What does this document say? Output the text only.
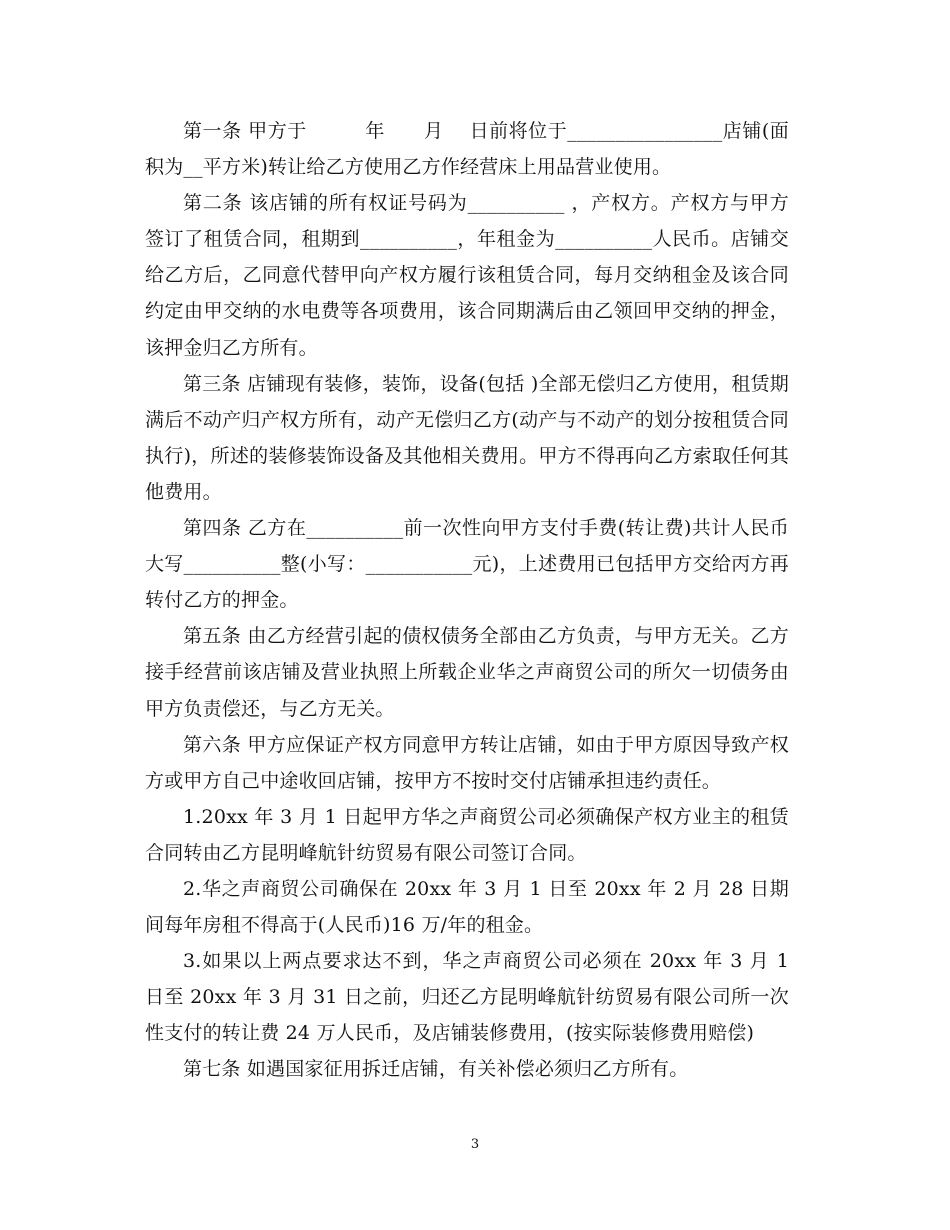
第一条 甲方于　　　年　　月　 日前将位于________________店铺(面积为__平方米)转让给乙方使用乙方作经营床上用品营业使用。

第二条 该店铺的所有权证号码为__________ ，产权方。产权方与甲方签订了租赁合同，租期到__________，年租金为__________人民币。店铺交给乙方后，乙同意代替甲向产权方履行该租赁合同，每月交纳租金及该合同约定由甲交纳的水电费等各项费用，该合同期满后由乙领回甲交纳的押金，该押金归乙方所有。

第三条 店铺现有装修，装饰，设备(包括 )全部无偿归乙方使用，租赁期满后不动产归产权方所有，动产无偿归乙方(动产与不动产的划分按租赁合同执行)，所述的装修装饰设备及其他相关费用。甲方不得再向乙方索取任何其他费用。

第四条 乙方在__________前一次性向甲方支付手费(转让费)共计人民币大写__________整(小写：___________元)，上述费用已包括甲方交给丙方再转付乙方的押金。

第五条 由乙方经营引起的债权债务全部由乙方负责，与甲方无关。乙方接手经营前该店铺及营业执照上所载企业华之声商贸公司的所欠一切债务由甲方负责偿还，与乙方无关。

第六条 甲方应保证产权方同意甲方转让店铺，如由于甲方原因导致产权方或甲方自己中途收回店铺，按甲方不按时交付店铺承担违约责任。

1.20xx 年 3 月 1 日起甲方华之声商贸公司必须确保产权方业主的租赁合同转由乙方昆明峰航针纺贸易有限公司签订合同。

2.华之声商贸公司确保在 20xx 年 3 月 1 日至 20xx 年 2 月 28 日期间每年房租不得高于(人民币)16 万/年的租金。

3.如果以上两点要求达不到，华之声商贸公司必须在 20xx 年 3 月 1 日至 20xx 年 3 月 31 日之前，归还乙方昆明峰航针纺贸易有限公司所一次性支付的转让费 24 万人民币，及店铺装修费用，(按实际装修费用赔偿)

第七条 如遇国家征用拆迁店铺，有关补偿必须归乙方所有。

3
